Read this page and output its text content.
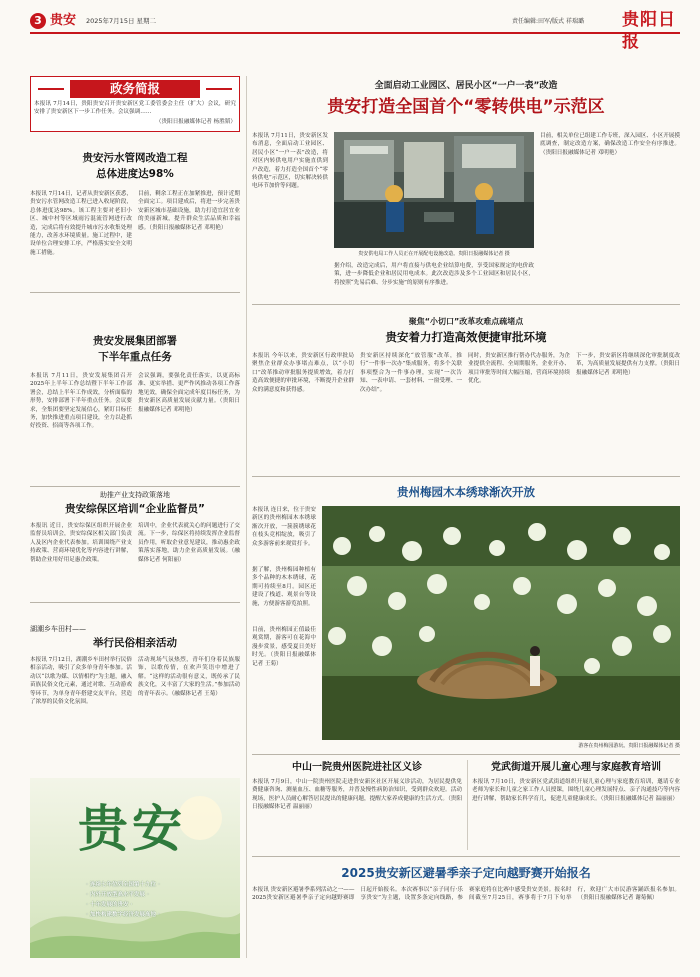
3 贵安 2025年7月15日 星期二	责任编辑:田军/版式 祥瑞璐 贵阳日报
政务简报
本报讯 7月14日，贵阳贵安召开贵安新区党工委管委会主任（扩大）会议，研究安排了贵安新区下一步工作任务。会议强调……
（贵阳日报融媒体记者 杨胜韬）
贵安污水管网改造工程
总体进度达98%
本报讯 7月14日，记者从贵安新区获悉，贵安污水管网改造工程已进入收尾阶段，总体进度达98%。该工程主要对老旧小区、城中村等区域雨污混流管网进行改造，完成后将有效提升城市污水收集处理能力，改善水环境质量。施工过程中，建设单位合理安排工序，严格落实安全文明施工措施。
目前，剩余工程正在加紧推进，预计近期全面完工。项目建成后，将进一步完善贵安新区城市基础设施，助力打造宜居宜业的美丽新城，提升群众生活品质和幸福感。（贵阳日报融媒体记者 邓明艳）
贵安发展集团部署
下半年重点任务
本报讯 7月11日，贵安发展集团召开2025年上半年工作总结暨下半年工作部署会，总结上半年工作成效，分析面临的形势，安排部署下半年重点任务。会议要求，全集团要坚定发展信心，紧盯目标任务，加快推进重点项目建设，全力以赴抓好投资、招商等各项工作。
会议强调，要强化责任落实，以更高标准、更实举措、更严作风推动各项工作落地见效，确保全面完成年度目标任务，为贵安新区高质量发展贡献力量。（贵阳日报融媒体记者 邓明艳）
助推产业支持政策落地
贵安综保区培训“企业监督员”
本报讯 近日，贵安综保区组织开展企业监督员培训会，贵安综保区相关部门负责人及区内企业代表参加。培训围绕产业支持政策、营商环境优化等内容进行讲解，帮助企业用好用足惠企政策。
培训中，企业代表就关心的问题进行了交流。下一步，综保区将持续发挥企业监督员作用，听取企业意见建议，推动惠企政策落实落地，助力企业高质量发展。（融媒体记者 何阳丽）
湖潮乡车田村——
举行民俗相亲活动
本报讯 7月12日，湖潮乡车田村举行民俗相亲活动，吸引了众多单身青年参加。活动以“以歌为媒、以情相约”为主题，融入苗族民俗文化元素，通过对歌、互动游戏等环节，为单身青年搭建交友平台，营造了浓厚的民俗文化氛围。
活动现场气氛热烈，青年们身着民族服饰，以歌传情，在欢声笑语中增进了解。“这样的活动很有意义，既传承了民族文化，又丰富了大家的生活。”参加活动的青年表示。（融媒体记者 王菊）
贵安
· 连续七年位列全国第十九位 ·
· 内外开放型高水平发展 ·
· 十年发展的贵安 ·
· 加快构建数字经济发展高地 ·
全面启动工业园区、居民小区“一户一表”改造
贵安打造全国首个“零转供电”示范区
本报讯 7月11日，贵安新区发布消息，全面启动工业园区、居民小区“一户一表”改造，将对区内转供电用户实施直供到户改造，着力打造全国首个“零转供电”示范区，切实解决转供电环节加价等问题。
贵安供电局工作人员正在开展配电设施改造。贵阳日报融媒体记者 摄
据介绍，改造完成后，用户将直接与供电企业结算电费，享受国家规定的电价政策，进一步降低企业和居民用电成本。此次改造涉及多个工业园区和居民小区，将按照“先易后难、分步实施”的原则有序推进。
目前，相关单位已组建工作专班，深入园区、小区开展摸底调查，制定改造方案，确保改造工作安全有序推进。（贵阳日报融媒体记者 邓明艳）
聚焦“小切口”改革攻难点疏堵点
贵安着力打造高效便捷审批环境
本报讯 今年以来，贵安新区行政审批局聚焦企业群众办事堵点难点，以“小切口”改革推动审批服务提质增效，着力打造高效便捷的审批环境，不断提升企业群众的满意度和获得感。
贵安新区持续深化“放管服”改革，推行“一件事一次办”集成服务，将多个关联事项整合为一件事办理，实现“一次告知、一表申请、一套材料、一窗受理、一次办结”。
同时，贵安新区推行帮办代办服务，为企业提供全流程、全周期服务，企业开办、项目审批等时间大幅压缩，营商环境持续优化。
下一步，贵安新区将继续深化审批制度改革，为高质量发展提供有力支撑。（贵阳日报融媒体记者 邓明艳）
贵州梅园木本绣球渐次开放
本报讯 连日来，位于贵安新区的贵州梅园木本绣球渐次开放，一簇簇绣球花在枝头竞相绽放，吸引了众多游客前来观赏打卡。
据了解，贵州梅园种植有多个品种的木本绣球，花期可持续至8月。园区还建设了栈道、观景台等设施，方便游客游览拍照。
目前，贵州梅园正值最佳观赏期，游客可在花海中漫步赏景，感受夏日美好时光。（贵阳日报融媒体记者 王菊）
游客在贵州梅园游玩。贵阳日报融媒体记者 摄
中山一院贵州医院进社区义诊
本报讯 7月9日，中山一院贵州医院走进贵安新区社区开展义诊活动，为居民提供免费健康咨询、测量血压、血糖等服务，并普及慢性病防治知识，受到群众欢迎。活动现场，医护人员耐心解答居民提出的健康问题，提醒大家养成健康的生活方式。（贵阳日报融媒体记者 温丽丽）
党武街道开展儿童心理与家庭教育培训
本报讯 7月10日，贵安新区党武街道组织开展儿童心理与家庭教育培训，邀请专业老师为家长和儿童之家工作人员授课，围绕儿童心理发展特点、亲子沟通技巧等内容进行讲解，帮助家长科学育儿，促进儿童健康成长。（贵阳日报融媒体记者 温丽丽）
2025贵安新区避暑季亲子定向越野赛开始报名
本报讯 贵安新区避暑季系列活动之一——2025贵安新区避暑季亲子定向越野赛即日起开始报名。本次赛事以“亲子同行·乐享贵安”为主题，设置多条定向线路，参赛家庭将在比赛中感受贵安美景。报名时间截至7月25日，赛事将于7月下旬举行，欢迎广大市民游客踊跃报名参加。（贵阳日报融媒体记者 谢菊佩）
